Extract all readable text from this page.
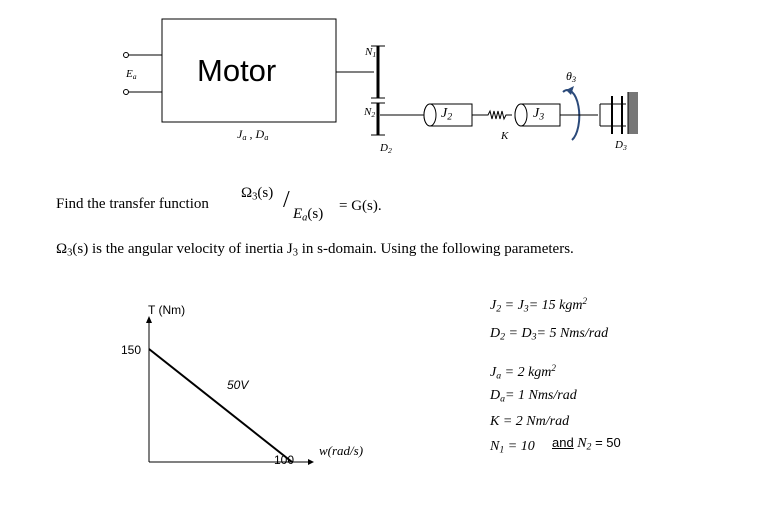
$E_a$ Motor
$J_a$ , $D_a$
$N_1$
$N_2$
$D_2$
$J_2$
K
$J_3$
$\theta_3$
$D_3$
Find the transfer function
$\Omega_3(s)$ /
$E_a(s) = G(s)$.
$\Omega_3(s)$ is the angular velocity of inertia $J_3$ in s-domain. Using the following parameters.
T (Nm)
150
50V
100
w(rad/s)
$J_2 = J_3= 15$ kgm$^2$
$D_2 = D_3= 5$ Nms/rad
$J_a = 2$ kgm$^2$
$D_a= 1$ Nms/rad
K = 2 Nm/rad
$N_1 = 10$ and $N_2 = 50$
